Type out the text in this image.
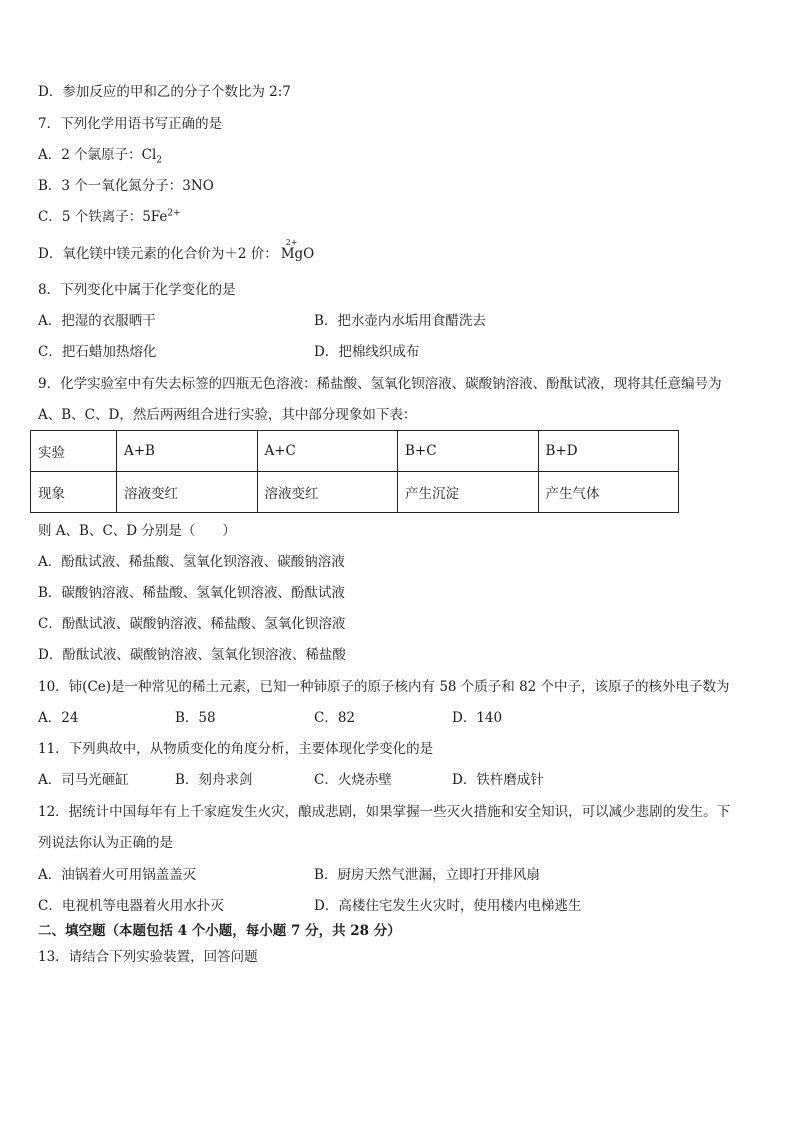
D．参加反应的甲和乙的分子个数比为 2:7
7．下列化学用语书写正确的是
A．2 个氯原子：$Cl_2$
B．3 个一氧化氮分子：3NO
C．5 个铁离子：$5Fe^{2+}$
D．氧化镁中镁元素的化合价为＋2 价：
2+
MgO
8．下列变化中属于化学变化的是
A．把湿的衣服晒干	B．把水壶内水垢用食醋洗去
C．把石蜡加热熔化	D．把棉线织成布
9．化学实验室中有失去标签的四瓶无色溶液：稀盐酸、氢氧化钡溶液、碳酸钠溶液、酚酞试液，现将其任意编号为
A、B、C、D，然后两两组合进行实验，其中部分现象如下表：
实验	A+B	A+C	B+C	B+D
现象	溶液变红	溶液变红	产生沉淀	产生气体
则 A、B、C、D 分别是（　　）
A．酚酞试液、稀盐酸、氢氧化钡溶液、碳酸钠溶液
B．碳酸钠溶液、稀盐酸、氢氧化钡溶液、酚酞试液
C．酚酞试液、碳酸钠溶液、稀盐酸、氢氧化钡溶液
D．酚酞试液、碳酸钠溶液、氢氧化钡溶液、稀盐酸
10．铈(Ce)是一种常见的稀土元素，已知一种铈原子的原子核内有 58 个质子和 82 个中子，该原子的核外电子数为
A．24	B．58	C．82	D．140
11．下列典故中，从物质变化的角度分析，主要体现化学变化的是
A．司马光砸缸	B．刻舟求剑	C．火烧赤壁	D．铁杵磨成针
12．据统计中国每年有上千家庭发生火灾，酿成悲剧，如果掌握一些灭火措施和安全知识，可以减少悲剧的发生。下
列说法你认为正确的是
A．油锅着火可用锅盖盖灭	B．厨房天然气泄漏，立即打开排风扇
C．电视机等电器着火用水扑灭	D．高楼住宅发生火灾时，使用楼内电梯逃生
二、填空题（本题包括 4 个小题，每小题 7 分，共 28 分）
13．请结合下列实验装置，回答问题
